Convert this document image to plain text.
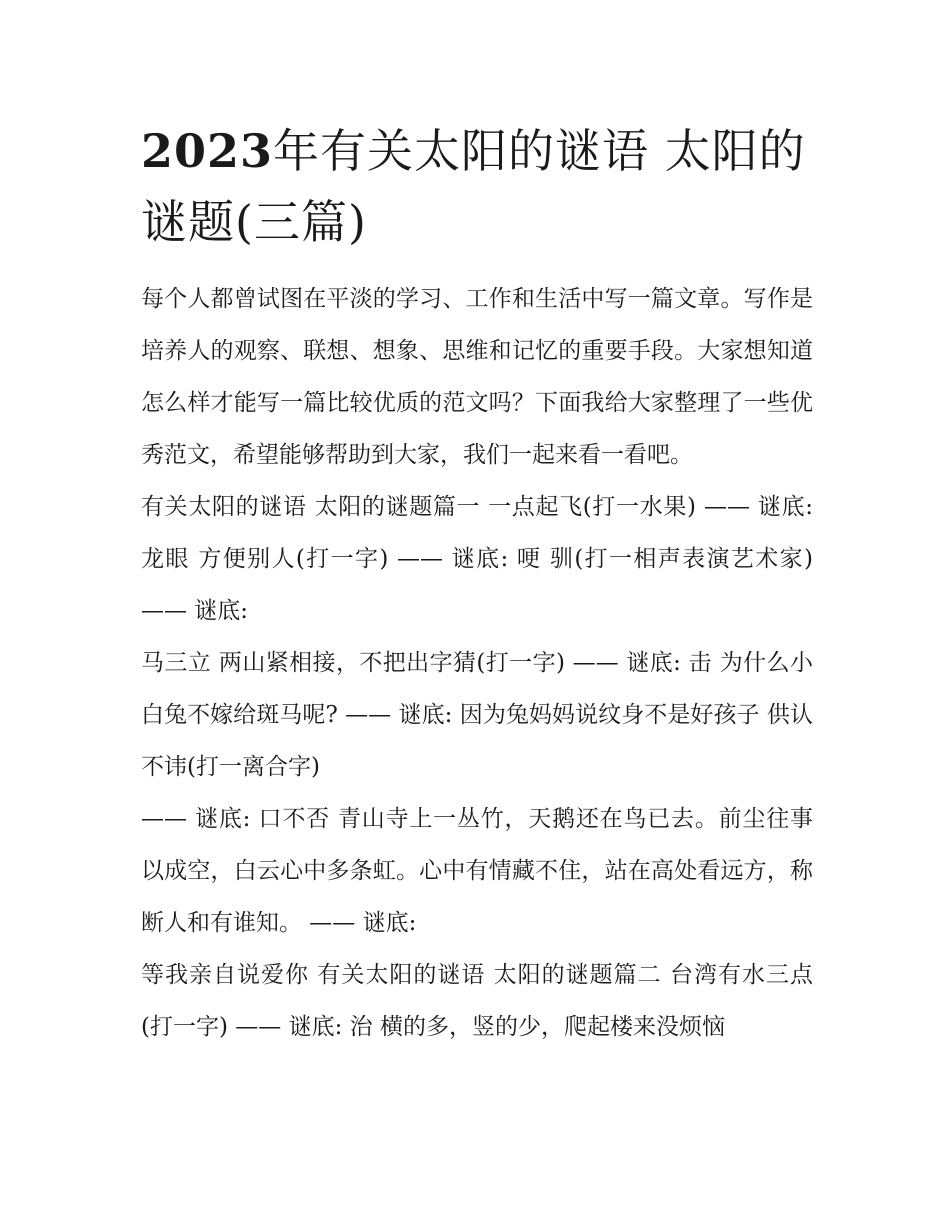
2023年有关太阳的谜语 太阳的谜题(三篇)

每个人都曾试图在平淡的学习、工作和生活中写一篇文章。写作是培养人的观察、联想、想象、思维和记忆的重要手段。大家想知道怎么样才能写一篇比较优质的范文吗？下面我给大家整理了一些优秀范文，希望能够帮助到大家，我们一起来看一看吧。

有关太阳的谜语 太阳的谜题篇一 一点起飞(打一水果) —— 谜底: 龙眼 方便别人(打一字) —— 谜底: 哽 驯(打一相声表演艺术家) —— 谜底:

马三立 两山紧相接，不把出字猜(打一字) —— 谜底: 击 为什么小白兔不嫁给斑马呢? —— 谜底: 因为兔妈妈说纹身不是好孩子 供认不讳(打一离合字)

—— 谜底: 口不否 青山寺上一丛竹，天鹅还在鸟已去。前尘往事以成空，白云心中多条虹。心中有情藏不住，站在高处看远方，称断人和有谁知。 —— 谜底:

等我亲自说爱你 有关太阳的谜语 太阳的谜题篇二 台湾有水三点 (打一字) —— 谜底: 治 横的多，竖的少，爬起楼来没烦恼
